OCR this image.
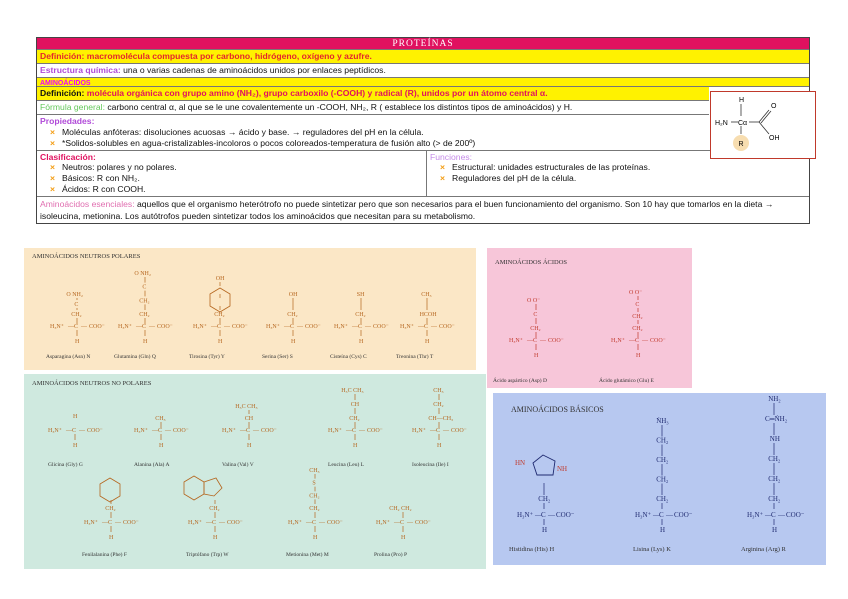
PROTEÍNAS
Definición: macromolécula compuesta por carbono, hidrógeno, oxígeno y azufre.
Estructura química: una o varias cadenas de aminoácidos unidos por enlaces peptídicos.
AMINOÁCIDOS
Definición: molécula orgánica con grupo amino (NH₂), grupo carboxilo (-COOH) y radical (R), unidos por un átomo central α.
Fórmula general: carbono central α, al que se le une covalentemente un -COOH, NH₂, R ( establece los distintos tipos de aminoácidos) y H.
Propiedades:
× Moléculas anfóteras: disoluciones acuosas → ácido y base. → reguladores del pH en la célula.
× *Solidos-solubles en agua-cristalizables-incoloros o pocos coloreados-temperatura de fusión alto (> de 200º)
Clasificación:
× Neutros: polares y no polares.
× Básicos: R con NH₂.
× Ácidos: R con COOH.
Funciones:
× Estructural: unidades estructurales de las proteínas.
× Reguladores del pH de la célula.
Aminoácidos esenciales: aquellos que el organismo heterótrofo no puede sintetizar pero que son necesarios para el buen funcionamiento del organismo. Son 10 hay que tomarlos en la dieta → isoleucina, metionina. Los autótrofos pueden sintetizar todos los aminoácidos que necesitan para su metabolismo.
H
H₂N Cα
O
OH
R
AMINOÁCIDOS NEUTROS POLARES
O NH₂
C
CH₂
H₃N⁺ — C — COO⁻
H
Asparagina (Asn) N
O NH₂
C
CH₂
CH₂
H₃N⁺ — C — COO⁻
H
Glutamina (Gln) Q
OH
CH₂
H₃N⁺ — C — COO⁻
H
Tirosina (Tyr) Y
OH
CH₂
H₃N⁺ — C — COO⁻
H
Serina (Ser) S
SH
CH₂
H₃N⁺ — C — COO⁻
H
Cisteína (Cys) C
CH₃
HCOH
H₃N⁺ — C — COO⁻
H
Treonina (Thr) T
AMINOÁCIDOS ÁCIDOS
O O⁻
C
CH₂
H₃N⁺ — C — COO⁻
H
Ácido aspártico (Asp) D
O O⁻
C
CH₂
CH₂
H₃N⁺ — C — COO⁻
H
Ácido glutámico (Glu) E
AMINOÁCIDOS NEUTROS NO POLARES
H
H₃N⁺ — C — COO⁻
H
Glicina (Gly) G
CH₃
H₃N⁺ — C — COO⁻
H
Alanina (Ala) A
H₃C CH₃
CH
H₃N⁺ — C — COO⁻
H
Valina (Val) V
H₃C CH₃
CH
CH₂
H₃N⁺ — C — COO⁻
H
Leucina (Leu) L
CH₃
CH₂
CH—CH₃
H₃N⁺ — C — COO⁻
H
Isoleucina (Ile) I
CH₂
H₃N⁺ — C — COO⁻
H
Fenilalanina (Phe) F
CH₂
H₃N⁺ — C — COO⁻
H
Triptófano (Trp) W
CH₃
S
CH₂
CH₂
H₃N⁺ — C — COO⁻
H
Metionina (Met) M
CH₂ CH₂
H₃N⁺ — C — COO⁻
H
Prolina (Pro) P
AMINOÁCIDOS BÁSICOS
CH₂
H₃N⁺ — C — COO⁻
H
Histidina (His) H
HN
NH
ṄH₃
CH₂
CH₂
CH₂
CH₂
H₃N⁺ — C — COO⁻
H
Lisina (Lys) K
NH₂
C═ṄH₂
NH
CH₂
CH₂
CH₂
H₃N⁺ — C — COO⁻
H
Arginina (Arg) R
